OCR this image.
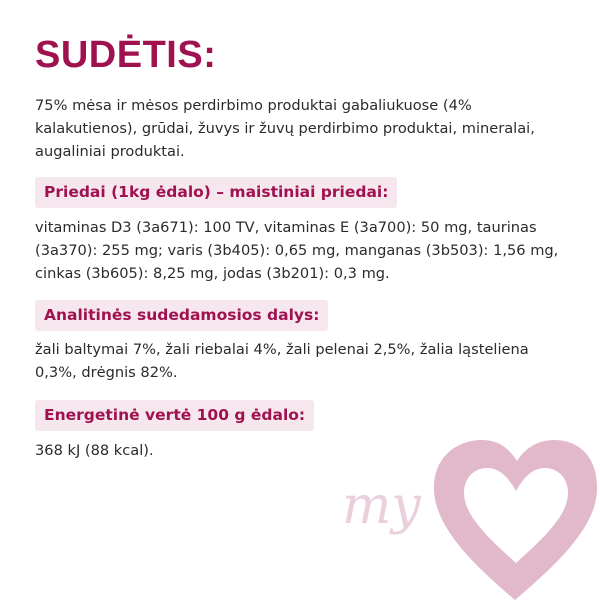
SUDĖTIS:

75% mėsa ir mėsos perdirbimo produktai gabaliukuose (4% kalakutienos), grūdai, žuvys ir žuvų perdirbimo produktai, mineralai, augaliniai produktai.

Priedai (1kg ėdalo) – maistiniai priedai:

vitaminas D3 (3a671): 100 TV, vitaminas E (3a700): 50 mg, taurinas (3a370): 255 mg; varis (3b405): 0,65 mg, manganas (3b503): 1,56 mg, cinkas (3b605): 8,25 mg, jodas (3b201): 0,3 mg.

Analitinės sudedamosios dalys:

žali baltymai 7%, žali riebalai 4%, žali pelenai 2,5%, žalia ląsteliena 0,3%, drėgnis 82%.

Energetinė vertė 100 g ėdalo:

368 kJ (88 kcal).

my
